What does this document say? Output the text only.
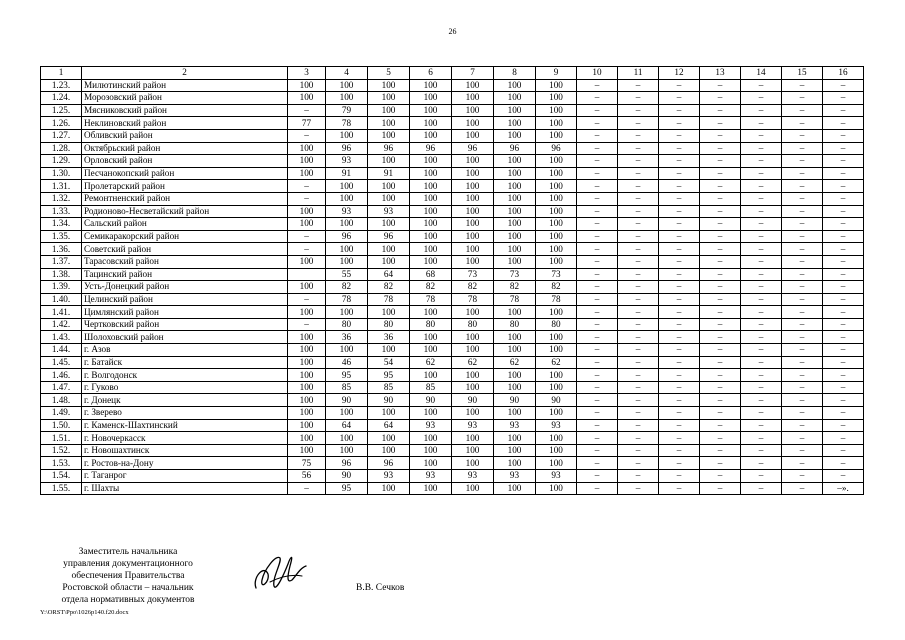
26
1	2	3	4	5	6	7	8	9	10	11	12	13	14	15	16
1.23.	Милютинский район	100	100	100	100	100	100	100	–	–	–	–	–	–	–
1.24.	Морозовский район	100	100	100	100	100	100	100	–	–	–	–	–	–	–
1.25.	Мясниковский район	–	79	100	100	100	100	100	–	–	–	–	–	–	–
1.26.	Неклиновский район	77	78	100	100	100	100	100	–	–	–	–	–	–	–
1.27.	Обливский район	–	100	100	100	100	100	100	–	–	–	–	–	–	–
1.28.	Октябрьский район	100	96	96	96	96	96	96	–	–	–	–	–	–	–
1.29.	Орловский район	100	93	100	100	100	100	100	–	–	–	–	–	–	–
1.30.	Песчанокопский район	100	91	91	100	100	100	100	–	–	–	–	–	–	–
1.31.	Пролетарский район	–	100	100	100	100	100	100	–	–	–	–	–	–	–
1.32.	Ремонтненский район	–	100	100	100	100	100	100	–	–	–	–	–	–	–
1.33.	Родионово-Несветайский район	100	93	93	100	100	100	100	–	–	–	–	–	–	–
1.34.	Сальский район	100	100	100	100	100	100	100	–	–	–	–	–	–	–
1.35.	Семикаракорский район	–	96	96	100	100	100	100	–	–	–	–	–	–	–
1.36.	Советский район	–	100	100	100	100	100	100	–	–	–	–	–	–	–
1.37.	Тарасовский район	100	100	100	100	100	100	100	–	–	–	–	–	–	–
1.38.	Тацинский район		55	64	68	73	73	73	–	–	–	–	–	–	–
1.39.	Усть-Донецкий район	100	82	82	82	82	82	82	–	–	–	–	–	–	–
1.40.	Целинский район	–	78	78	78	78	78	78	–	–	–	–	–	–	–
1.41.	Цимлянский район	100	100	100	100	100	100	100	–	–	–	–	–	–	–
1.42.	Чертковский район	–	80	80	80	80	80	80	–	–	–	–	–	–	–
1.43.	Шолоховский район	100	36	36	100	100	100	100	–	–	–	–	–	–	–
1.44.	г. Азов	100	100	100	100	100	100	100	–	–	–	–	–	–	–
1.45.	г. Батайск	100	46	54	62	62	62	62	–	–	–	–	–	–	–
1.46.	г. Волгодонск	100	95	95	100	100	100	100	–	–	–	–	–	–	–
1.47.	г. Гуково	100	85	85	85	100	100	100	–	–	–	–	–	–	–
1.48.	г. Донецк	100	90	90	90	90	90	90	–	–	–	–	–	–	–
1.49.	г. Зверево	100	100	100	100	100	100	100	–	–	–	–	–	–	–
1.50.	г. Каменск-Шахтинский	100	64	64	93	93	93	93	–	–	–	–	–	–	–
1.51.	г. Новочеркасск	100	100	100	100	100	100	100	–	–	–	–	–	–	–
1.52.	г. Новошахтинск	100	100	100	100	100	100	100	–	–	–	–	–	–	–
1.53.	г. Ростов-на-Дону	75	96	96	100	100	100	100	–	–	–	–	–	–	–
1.54.	г. Таганрог	56	90	93	93	93	93	93	–	–	–	–	–	–	–
1.55.	г. Шахты	–	95	100	100	100	100	100	–	–	–	–	–	–	–».
Заместитель начальника
управления документационного
обеспечения Правительства
Ростовской области – начальник
отдела нормативных документов
В.В. Сечков
Y:\ORST\Ppo\1026p140.f20.docx
